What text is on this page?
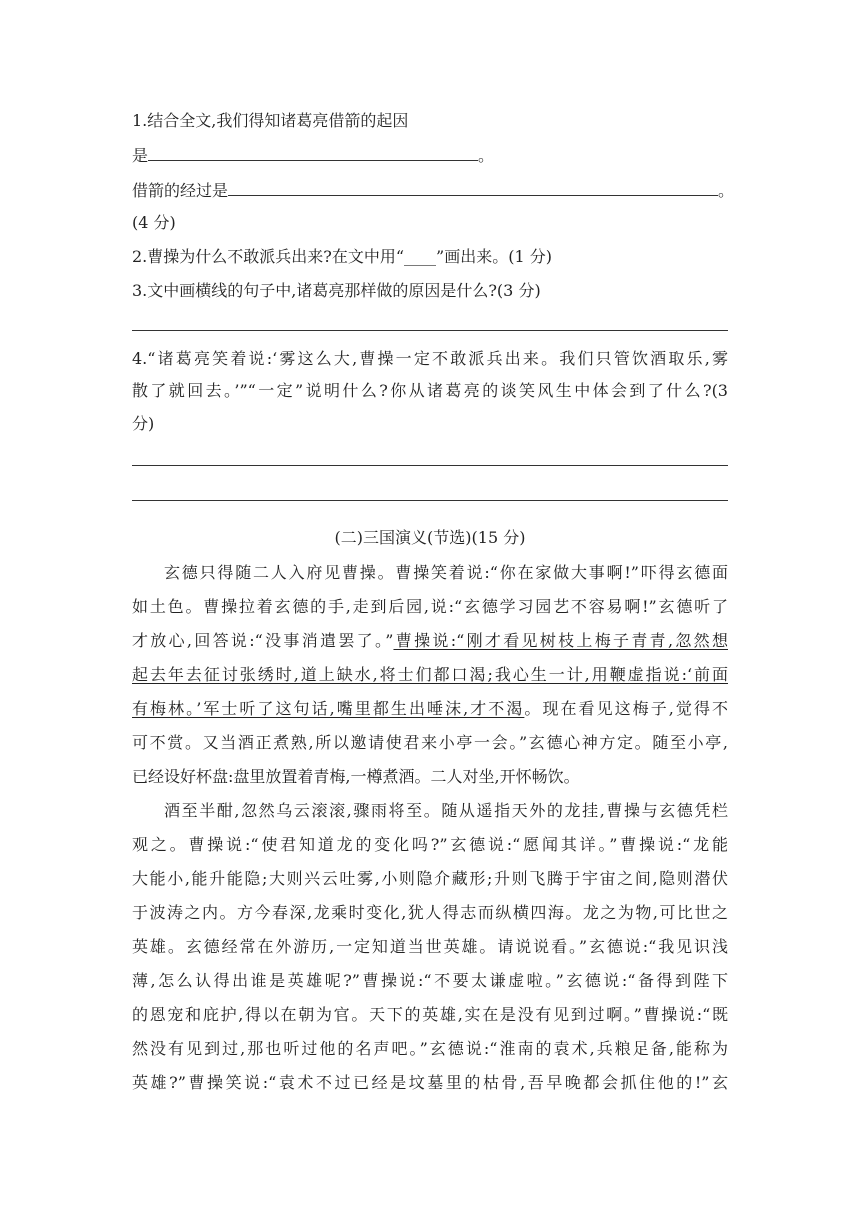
1.结合全文,我们得知诸葛亮借箭的起因
是	。
借箭的经过是	。
(4 分)
2.曹操为什么不敢派兵出来?在文中用“____”画出来。(1 分)
3.文中画横线的句子中,诸葛亮那样做的原因是什么?(3 分)
4.“诸葛亮笑着说:‘雾这么大,曹操一定不敢派兵出来。我们只管饮酒取乐,雾
散了就回去。’”“一定”说明什么?你从诸葛亮的谈笑风生中体会到了什么?(3
分)
(二)三国演义(节选)(15 分)
玄德只得随二人入府见曹操。曹操笑着说:“你在家做大事啊!”吓得玄德面
如土色。曹操拉着玄德的手,走到后园,说:“玄德学习园艺不容易啊!”玄德听了
才放心,回答说:“没事消遣罢了。”曹操说:“刚才看见树枝上梅子青青,忽然想
起去年去征讨张绣时,道上缺水,将士们都口渴;我心生一计,用鞭虚指说:‘前面
有梅林。’军士听了这句话,嘴里都生出唾沫,才不渴。现在看见这梅子,觉得不
可不赏。又当酒正煮熟,所以邀请使君来小亭一会。”玄德心神方定。随至小亭,
已经设好杯盘:盘里放置着青梅,一樽煮酒。二人对坐,开怀畅饮。
酒至半酣,忽然乌云滚滚,骤雨将至。随从遥指天外的龙挂,曹操与玄德凭栏
观之。曹操说:“使君知道龙的变化吗?”玄德说:“愿闻其详。”曹操说:“龙能
大能小,能升能隐;大则兴云吐雾,小则隐介藏形;升则飞腾于宇宙之间,隐则潜伏
于波涛之内。方今春深,龙乘时变化,犹人得志而纵横四海。龙之为物,可比世之
英雄。玄德经常在外游历,一定知道当世英雄。请说说看。”玄德说:“我见识浅
薄,怎么认得出谁是英雄呢?”曹操说:“不要太谦虚啦。”玄德说:“备得到陛下
的恩宠和庇护,得以在朝为官。天下的英雄,实在是没有见到过啊。”曹操说:“既
然没有见到过,那也听过他的名声吧。”玄德说:“淮南的袁术,兵粮足备,能称为
英雄?”曹操笑说:“袁术不过已经是坟墓里的枯骨,吾早晚都会抓住他的!”玄
